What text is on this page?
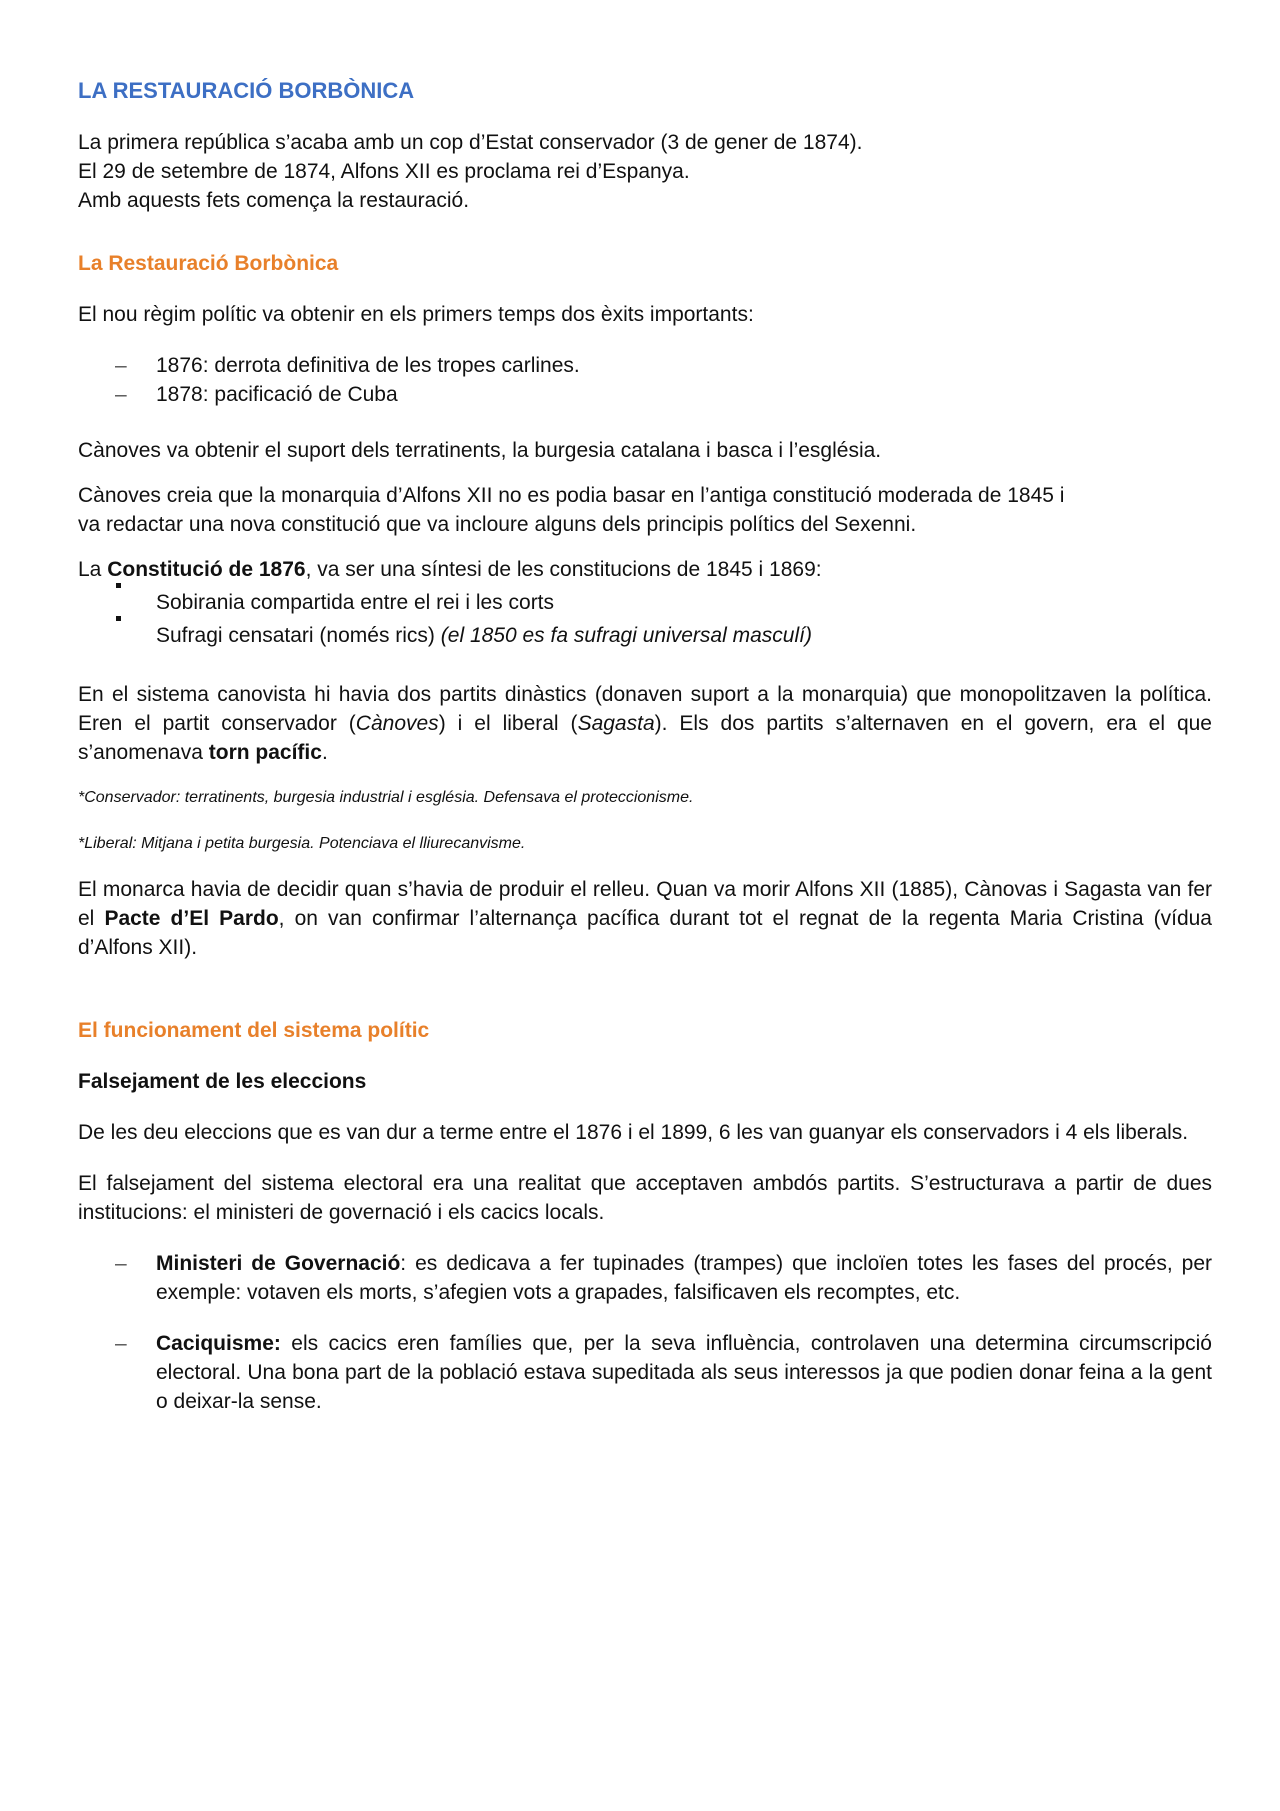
LA RESTAURACIÓ BORBÒNICA

La primera república s’acaba amb un cop d’Estat conservador (3 de gener de 1874).

El 29 de setembre de 1874, Alfons XII es proclama rei d’Espanya.

Amb aquests fets comença la restauració.

La Restauració Borbònica

El nou règim polític va obtenir en els primers temps dos èxits importants:

– 1876: derrota definitiva de les tropes carlines.
– 1878: pacificació de Cuba

Cànoves va obtenir el suport dels terratinents, la burgesia catalana i basca i l’església.

Cànoves creia que la monarquia d’Alfons XII no es podia basar en l’antiga constitució moderada de 1845 i

va redactar una nova constitució que va incloure alguns dels principis polítics del Sexenni.

La Constitució de 1876, va ser una síntesi de les constitucions de 1845 i 1869:

Sobirania compartida entre el rei i les corts
Sufragi censatari (només rics) (el 1850 es fa sufragi universal masculí)

En el sistema canovista hi havia dos partits dinàstics (donaven suport a la monarquia) que monopolitzaven la política. Eren el partit conservador (Cànoves) i el liberal (Sagasta). Els dos partits s’alternaven en el govern, era el que s’anomenava torn pacífic.

*Conservador: terratinents, burgesia industrial i església. Defensava el proteccionisme.

*Liberal: Mitjana i petita burgesia. Potenciava el lliurecanvisme.

El monarca havia de decidir quan s’havia de produir el relleu. Quan va morir Alfons XII (1885), Cànovas i Sagasta van fer el Pacte d’El Pardo, on van confirmar l’alternança pacífica durant tot el regnat de la regenta Maria Cristina (vídua d’Alfons XII).

El funcionament del sistema polític

Falsejament de les eleccions

De les deu eleccions que es van dur a terme entre el 1876 i el 1899, 6 les van guanyar els conservadors i 4 els liberals.

El falsejament del sistema electoral era una realitat que acceptaven ambdós partits. S’estructurava a partir de dues institucions: el ministeri de governació i els cacics locals.

– Ministeri de Governació: es dedicava a fer tupinades (trampes) que incloïen totes les fases del procés, per exemple: votaven els morts, s’afegien vots a grapades, falsificaven els recomptes, etc.
– Caciquisme: els cacics eren famílies que, per la seva influència, controlaven una determina circumscripció electoral. Una bona part de la població estava supeditada als seus interessos ja que podien donar feina a la gent o deixar-la sense.
